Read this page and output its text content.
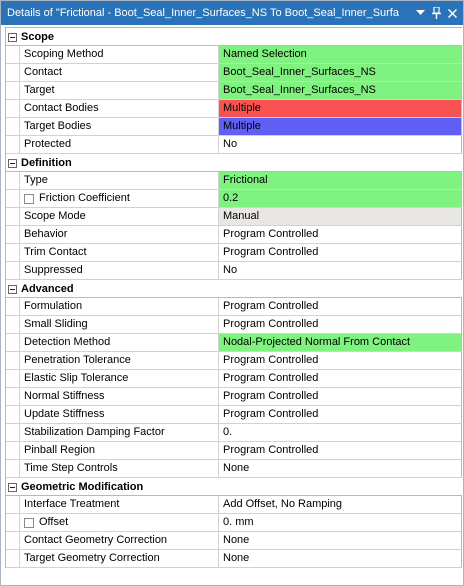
Details of "Frictional - Boot_Seal_Inner_Surfaces_NS To Boot_Seal_Inner_Surfa
Scope
Scoping Method	Named Selection
Contact	Boot_Seal_Inner_Surfaces_NS
Target	Boot_Seal_Inner_Surfaces_NS
Contact Bodies	Multiple
Target Bodies	Multiple
Protected	No
Definition
Type	Frictional
Friction Coefficient	0.2
Scope Mode	Manual
Behavior	Program Controlled
Trim Contact	Program Controlled
Suppressed	No
Advanced
Formulation	Program Controlled
Small Sliding	Program Controlled
Detection Method	Nodal-Projected Normal From Contact
Penetration Tolerance	Program Controlled
Elastic Slip Tolerance	Program Controlled
Normal Stiffness	Program Controlled
Update Stiffness	Program Controlled
Stabilization Damping Factor	0.
Pinball Region	Program Controlled
Time Step Controls	None
Geometric Modification
Interface Treatment	Add Offset, No Ramping
Offset	0. mm
Contact Geometry Correction	None
Target Geometry Correction	None
